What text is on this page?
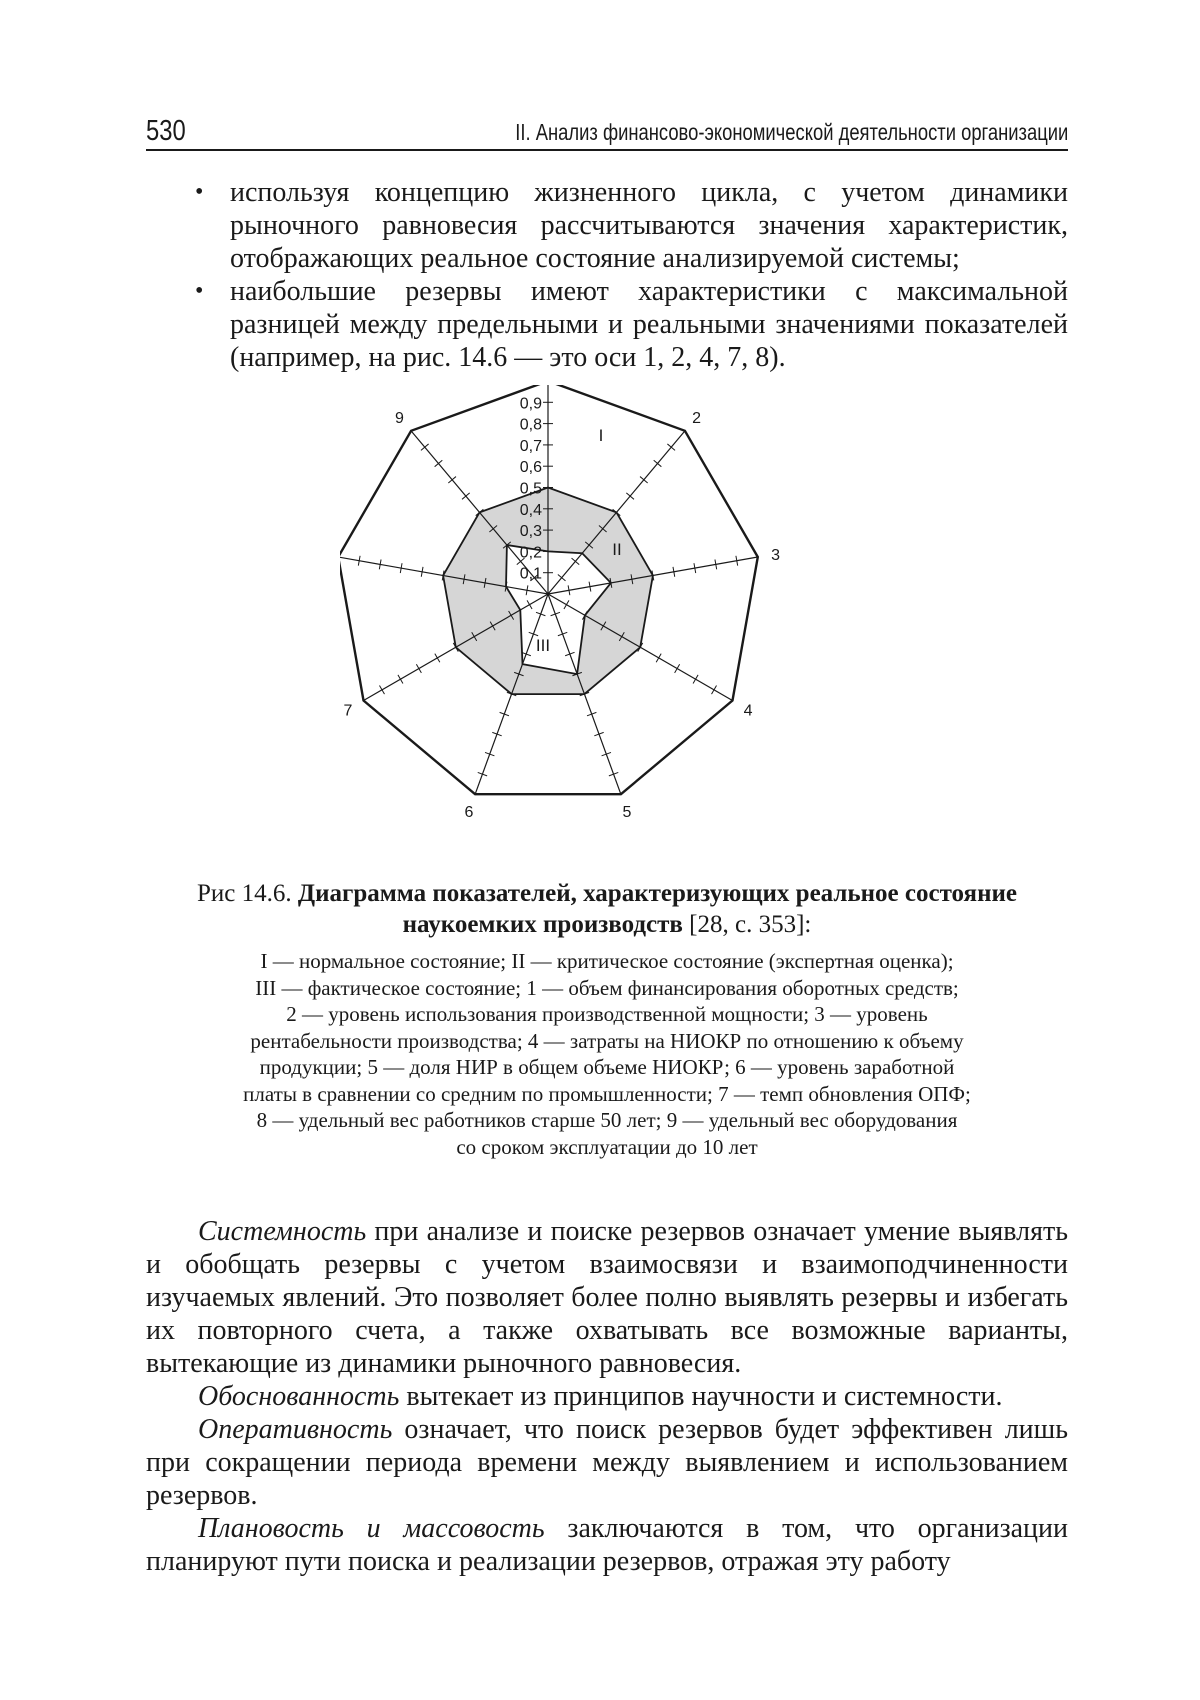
530	II. Анализ финансово-экономической деятельности организации
• используя концепцию жизненного цикла, с учетом динамики рыночного равновесия рассчитываются значения характеристик, отображающих реальное состояние анализируемой системы;
• наибольшие резервы имеют характеристики с максимальной разницей между предельными и реальными значениями показателей (например, на рис. 14.6 — это оси 1, 2, 4, 7, 8).
2
3
4
5
6
7
9
0,1
0,2
0,3
0,4
0,5
0,6
0,7
0,8
0,9
I
II
III
Рис 14.6. Диаграмма показателей, характеризующих реальное состояние наукоемких производств [28, с. 353]:
I — нормальное состояние; II — критическое состояние (экспертная оценка);
III — фактическое состояние; 1 — объем финансирования оборотных средств;
2 — уровень использования производственной мощности; 3 — уровень
рентабельности производства; 4 — затраты на НИОКР по отношению к объему
продукции; 5 — доля НИР в общем объеме НИОКР; 6 — уровень заработной
платы в сравнении со средним по промышленности; 7 — темп обновления ОПФ;
8 — удельный вес работников старше 50 лет; 9 — удельный вес оборудования
со сроком эксплуатации до 10 лет

Системность при анализе и поиске резервов означает умение выявлять и обобщать резервы с учетом взаимосвязи и взаимоподчиненности изучаемых явлений. Это позволяет более полно выявлять резервы и избегать их повторного счета, а также охватывать все возможные варианты, вытекающие из динамики рыночного равновесия.

Обоснованность вытекает из принципов научности и системности.

Оперативность означает, что поиск резервов будет эффективен лишь при сокращении периода времени между выявлением и использованием резервов.

Плановость и массовость заключаются в том, что организации планируют пути поиска и реализации резервов, отражая эту работу
